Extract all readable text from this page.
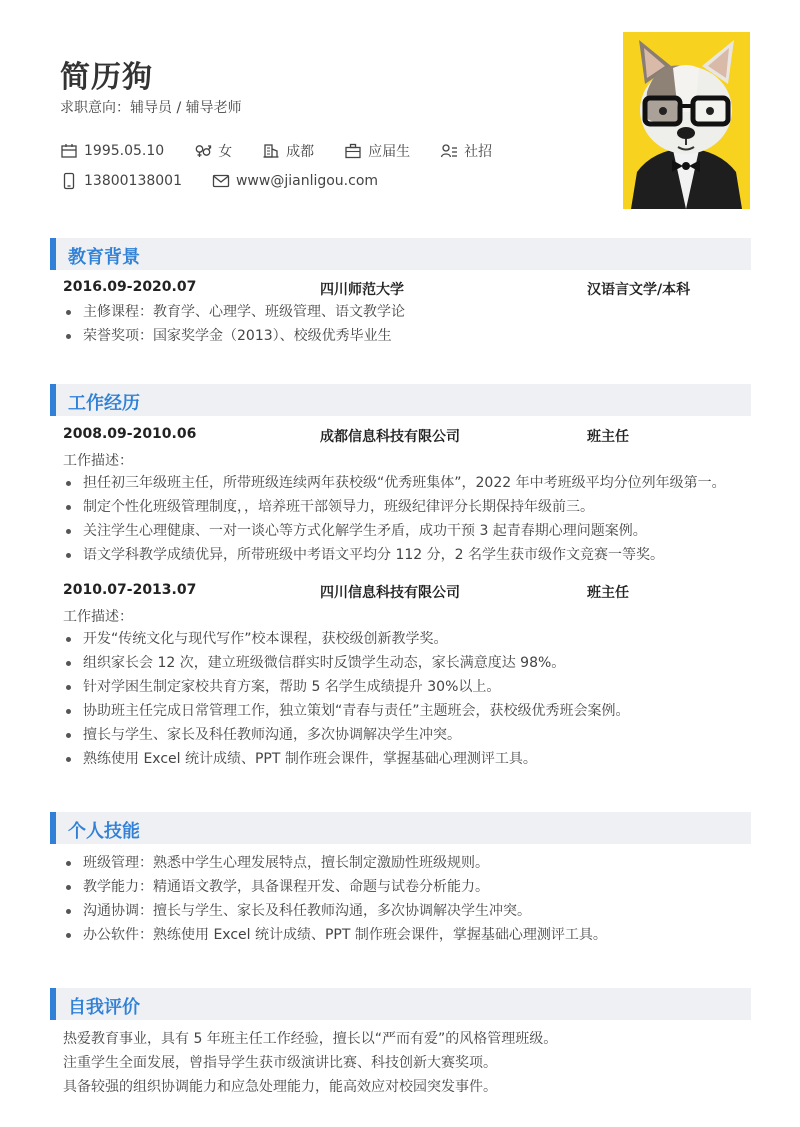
简历狗
求职意向：辅导员 / 辅导老师
1995.05.10	女	成都	应届生	社招
13800138001	www@jianligou.com
教育背景
2016.09-2020.07	四川师范大学	汉语言文学/本科
主修课程：教育学、心理学、班级管理、语文教学论
荣誉奖项：国家奖学金（2013）、校级优秀毕业生
工作经历
2008.09-2010.06	成都信息科技有限公司	班主任
工作描述：
担任初三年级班主任，所带班级连续两年获校级“优秀班集体”，2022 年中考班级平均分位列年级第一。
制定个性化班级管理制度，，培养班干部领导力，班级纪律评分长期保持年级前三。
关注学生心理健康、一对一谈心等方式化解学生矛盾，成功干预 3 起青春期心理问题案例。
语文学科教学成绩优异，所带班级中考语文平均分 112 分，2 名学生获市级作文竞赛一等奖。
2010.07-2013.07	四川信息科技有限公司	班主任
工作描述：
开发“传统文化与现代写作”校本课程，获校级创新教学奖。
组织家长会 12 次，建立班级微信群实时反馈学生动态，家长满意度达 98%。
针对学困生制定家校共育方案，帮助 5 名学生成绩提升 30%以上。
协助班主任完成日常管理工作，独立策划“青春与责任”主题班会，获校级优秀班会案例。
擅长与学生、家长及科任教师沟通，多次协调解决学生冲突。
熟练使用 Excel 统计成绩、PPT 制作班会课件，掌握基础心理测评工具。
个人技能
班级管理：熟悉中学生心理发展特点，擅长制定激励性班级规则。
教学能力：精通语文教学，具备课程开发、命题与试卷分析能力。
沟通协调：擅长与学生、家长及科任教师沟通，多次协调解决学生冲突。
办公软件：熟练使用 Excel 统计成绩、PPT 制作班会课件，掌握基础心理测评工具。
自我评价
热爱教育事业，具有 5 年班主任工作经验，擅长以“严而有爱”的风格管理班级。
注重学生全面发展，曾指导学生获市级演讲比赛、科技创新大赛奖项。
具备较强的组织协调能力和应急处理能力，能高效应对校园突发事件。
